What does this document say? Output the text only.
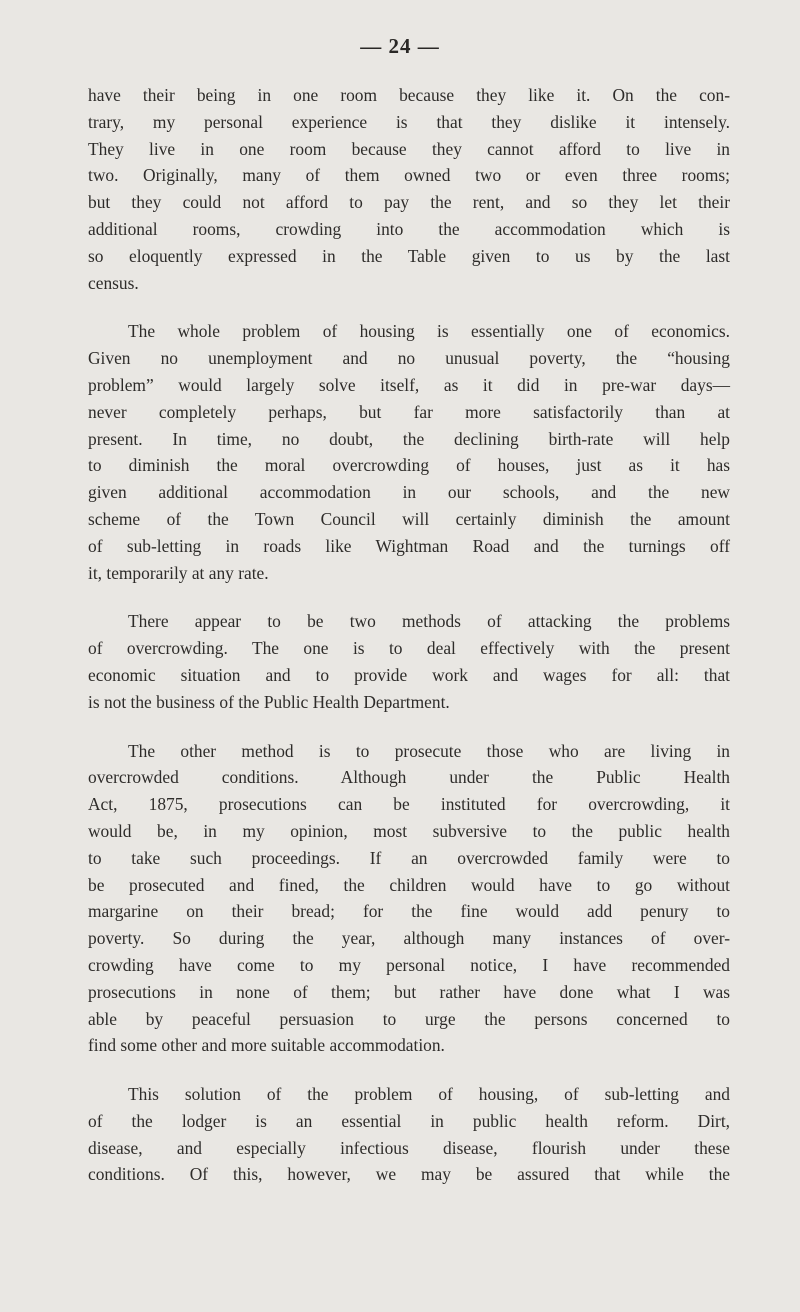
— 24 —

have their being in one room because they like it. On the con-
trary, my personal experience is that they dislike it intensely.
They live in one room because they cannot afford to live in
two. Originally, many of them owned two or even three rooms;
but they could not afford to pay the rent, and so they let their
additional rooms, crowding into the accommodation which is
so eloquently expressed in the Table given to us by the last
census.

The whole problem of housing is essentially one of economics.
Given no unemployment and no unusual poverty, the “housing
problem” would largely solve itself, as it did in pre-war days—
never completely perhaps, but far more satisfactorily than at
present. In time, no doubt, the declining birth-rate will help
to diminish the moral overcrowding of houses, just as it has
given additional accommodation in our schools, and the new
scheme of the Town Council will certainly diminish the amount
of sub-letting in roads like Wightman Road and the turnings off
it, temporarily at any rate.

There appear to be two methods of attacking the problems
of overcrowding. The one is to deal effectively with the present
economic situation and to provide work and wages for all: that
is not the business of the Public Health Department.

The other method is to prosecute those who are living in
overcrowded conditions. Although under the Public Health
Act, 1875, prosecutions can be instituted for overcrowding, it
would be, in my opinion, most subversive to the public health
to take such proceedings. If an overcrowded family were to
be prosecuted and fined, the children would have to go without
margarine on their bread; for the fine would add penury to
poverty. So during the year, although many instances of over-
crowding have come to my personal notice, I have recommended
prosecutions in none of them; but rather have done what I was
able by peaceful persuasion to urge the persons concerned to
find some other and more suitable accommodation.

This solution of the problem of housing, of sub-letting and
of the lodger is an essential in public health reform. Dirt,
disease, and especially infectious disease, flourish under these
conditions. Of this, however, we may be assured that while the
